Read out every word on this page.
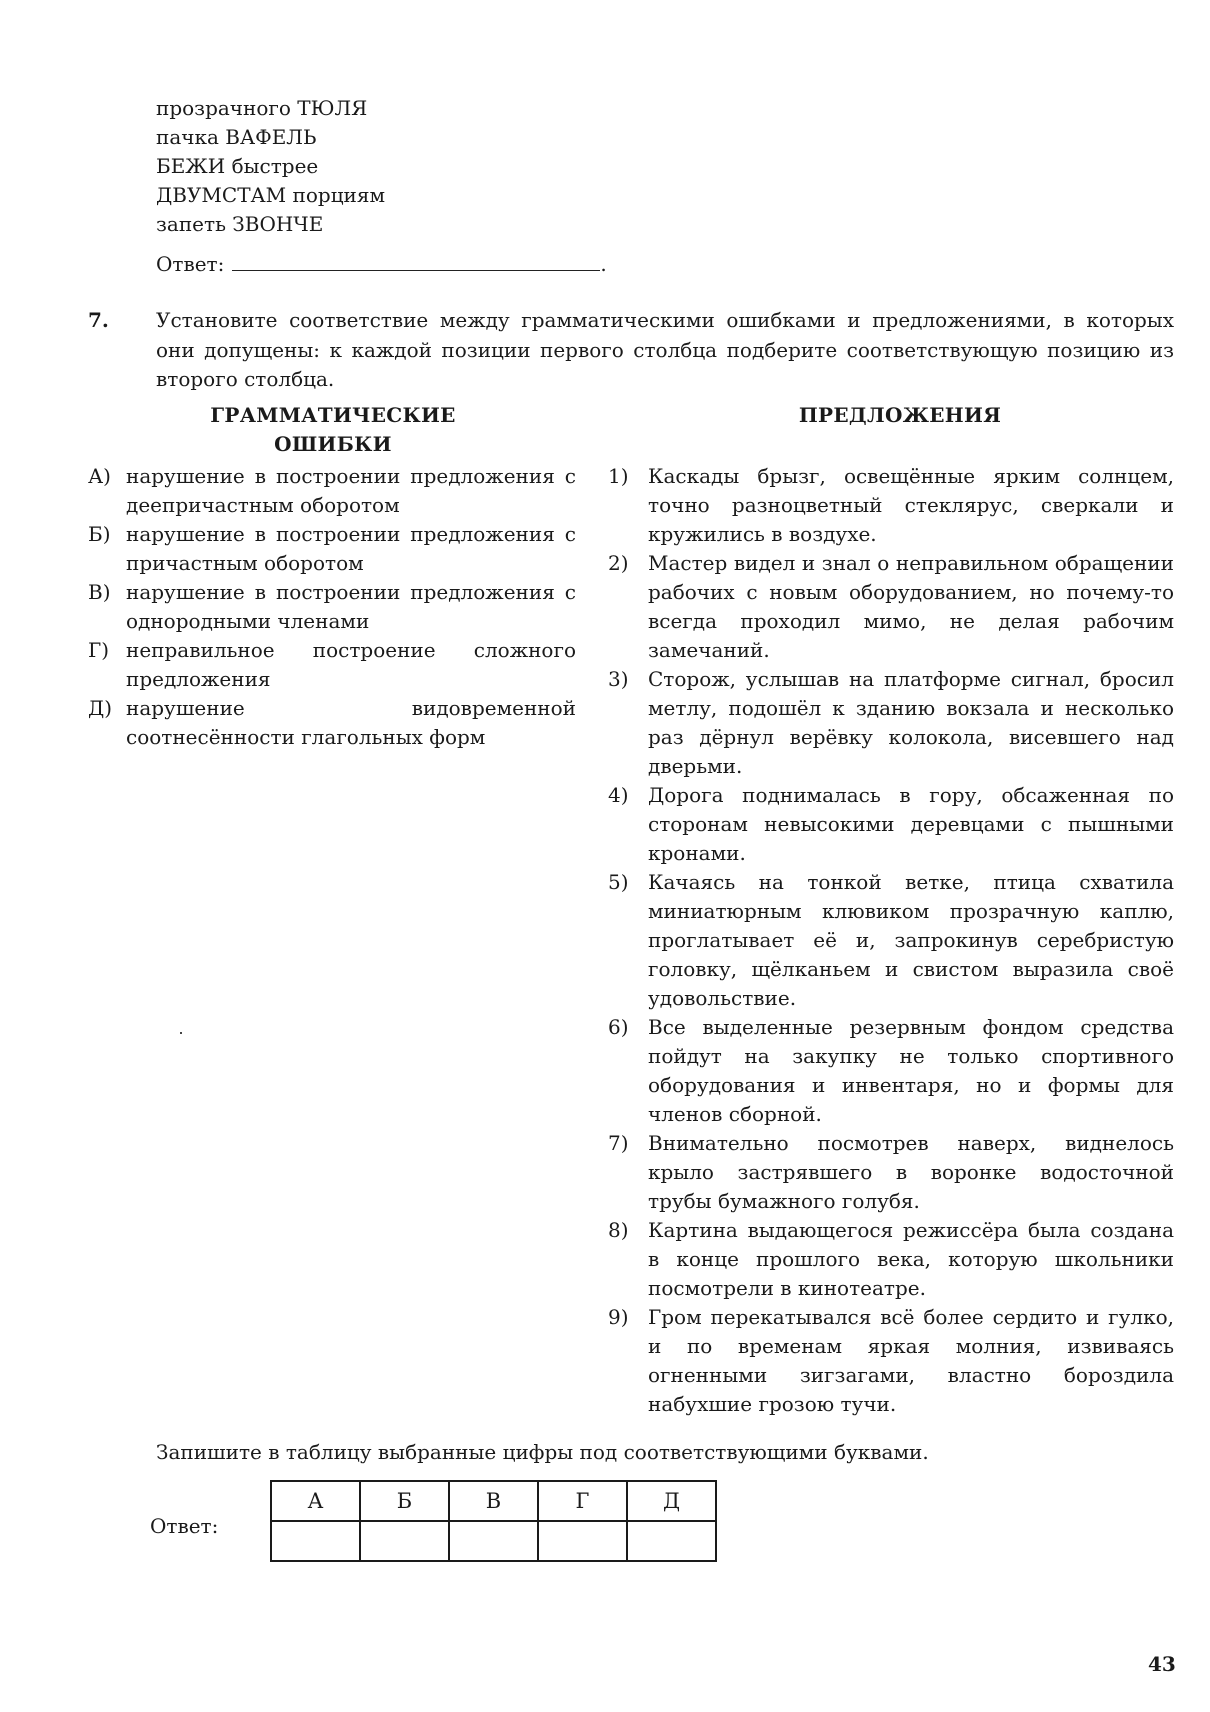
прозрачного ТЮЛЯ
пачка ВАФЕЛЬ
БЕЖИ быстрее
ДВУМСТАМ порциям
запеть ЗВОНЧЕ
Ответ:	.
7. Установите соответствие между грамматическими ошибками и предложениями, в которых они допущены: к каждой позиции первого столбца подберите соответствующую позицию из второго столбца.
ГРАММАТИЧЕСКИЕ ОШИБКИ
ПРЕДЛОЖЕНИЯ
А) нарушение в построении предложения с деепричастным оборотом
Б) нарушение в построении предложения с причастным оборотом
В) нарушение в построении предложения с однородными членами
Г) неправильное построение сложного предложения
Д) нарушение видовременной соотнесённости глагольных форм
1) Каскады брызг, освещённые ярким солнцем, точно разноцветный стеклярус, сверкали и кружились в воздухе.
2) Мастер видел и знал о неправильном обращении рабочих с новым оборудованием, но почему-то всегда проходил мимо, не делая рабочим замечаний.
3) Сторож, услышав на платформе сигнал, бросил метлу, подошёл к зданию вокзала и несколько раз дёрнул верёвку колокола, висевшего над дверьми.
4) Дорога поднималась в гору, обсаженная по сторонам невысокими деревцами с пышными кронами.
5) Качаясь на тонкой ветке, птица схватила миниатюрным клювиком прозрачную каплю, проглатывает её и, запрокинув серебристую головку, щёлканьем и свистом выразила своё удовольствие.
6) Все выделенные резервным фондом средства пойдут на закупку не только спортивного оборудования и инвентаря, но и формы для членов сборной.
7) Внимательно посмотрев наверх, виднелось крыло застрявшего в воронке водосточной трубы бумажного голубя.
8) Картина выдающегося режиссёра была создана в конце прошлого века, которую школьники посмотрели в кинотеатре.
9) Гром перекатывался всё более сердито и гулко, и по временам яркая молния, извиваясь огненными зигзагами, властно бороздила набухшие грозою тучи.
Запишите в таблицу выбранные цифры под соответствующими буквами.
Ответ:
А	Б	В	Г	Д

43
